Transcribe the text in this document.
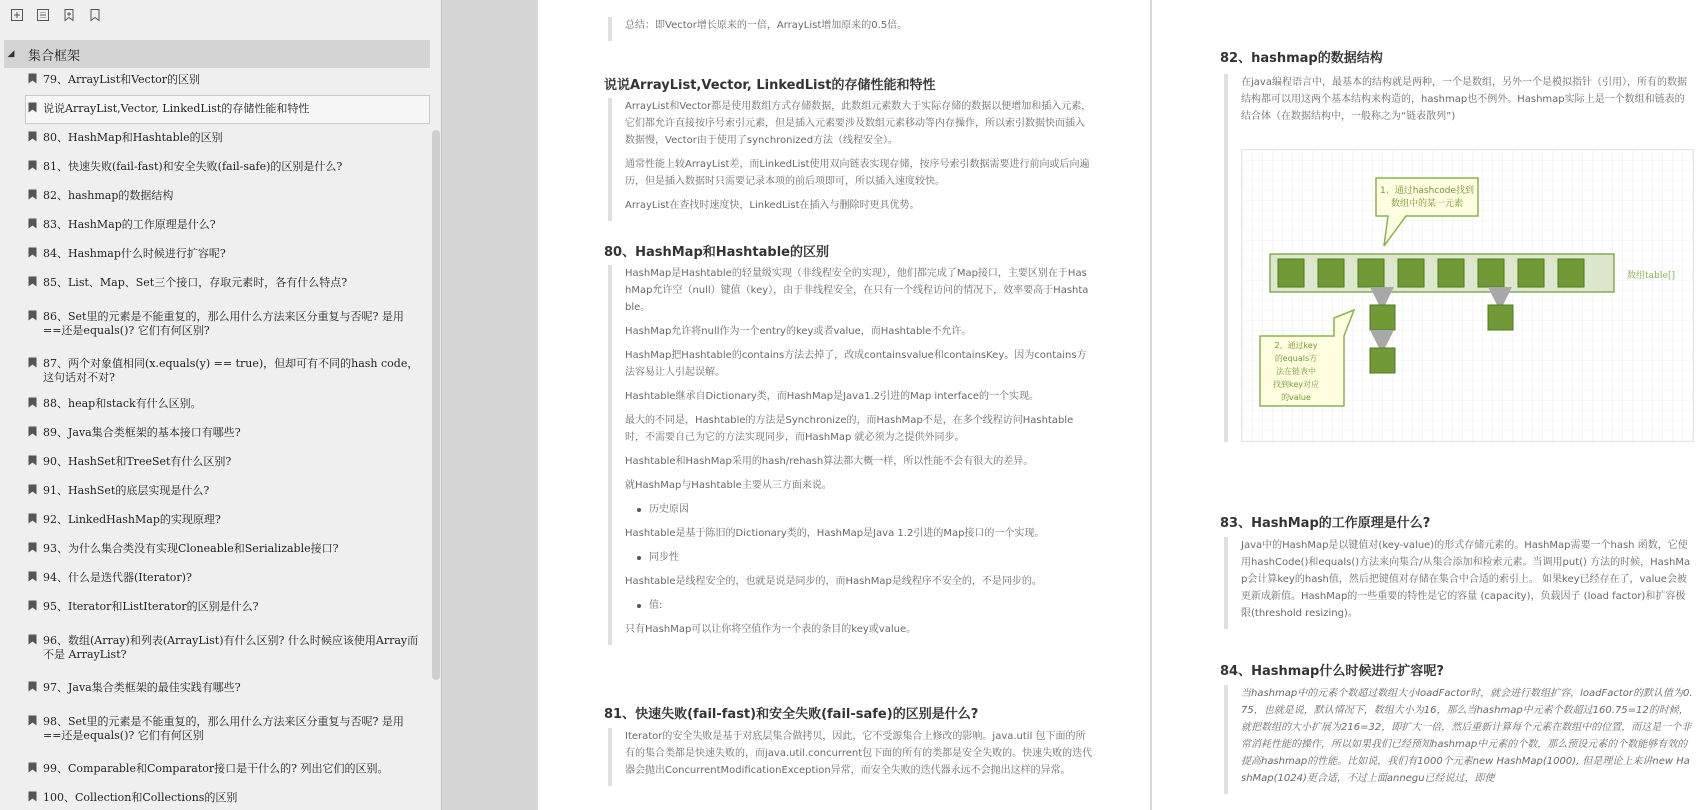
◢ 集合框架
79、ArrayList和Vector的区别
说说ArrayList,Vector, LinkedList的存储性能和特性
80、HashMap和Hashtable的区别
81、快速失败(fail-fast)和安全失败(fail-safe)的区别是什么?
82、hashmap的数据结构
83、HashMap的工作原理是什么?
84、Hashmap什么时候进行扩容呢?
85、List、Map、Set三个接口，存取元素时，各有什么特点?
86、Set里的元素是不能重复的，那么用什么方法来区分重复与否呢? 是用==还是equals()? 它们有何区别?
87、两个对象值相同(x.equals(y) == true)，但却可有不同的hash code，这句话对不对?
88、heap和stack有什么区别。
89、Java集合类框架的基本接口有哪些?
90、HashSet和TreeSet有什么区别?
91、HashSet的底层实现是什么?
92、LinkedHashMap的实现原理?
93、为什么集合类没有实现Cloneable和Serializable接口?
94、什么是迭代器(Iterator)?
95、Iterator和ListIterator的区别是什么?
96、数组(Array)和列表(ArrayList)有什么区别? 什么时候应该使用Array而不是 ArrayList?
97、Java集合类框架的最佳实践有哪些?
98、Set里的元素是不能重复的，那么用什么方法来区分重复与否呢? 是用==还是equals()? 它们有何区别
99、Comparable和Comparator接口是干什么的? 列出它们的区别。
100、Collection和Collections的区别

总结：即Vector增长原来的一倍，ArrayList增加原来的0.5倍。

说说ArrayList,Vector, LinkedList的存储性能和特性

ArrayList和Vector都是使用数组方式存储数据，此数组元素数大于实际存储的数据以便增加和插入元素，它们都允许直接按序号索引元素，但是插入元素要涉及数组元素移动等内存操作，所以索引数据快而插入数据慢，Vector由于使用了synchronized方法（线程安全）。

通常性能上较ArrayList差，而LinkedList使用双向链表实现存储，按序号索引数据需要进行前向或后向遍历，但是插入数据时只需要记录本项的前后项即可，所以插入速度较快。

ArrayList在查找时速度快，LinkedList在插入与删除时更具优势。

80、HashMap和Hashtable的区别

HashMap是Hashtable的轻量级实现（非线程安全的实现），他们都完成了Map接口，主要区别在于HashMap允许空（null）键值（key），由于非线程安全，在只有一个线程访问的情况下，效率要高于Hashtable。

HashMap允许将null作为一个entry的key或者value，而Hashtable不允许。

HashMap把Hashtable的contains方法去掉了，改成containsvalue和containsKey。因为contains方法容易让人引起误解。

Hashtable继承自Dictionary类，而HashMap是Java1.2引进的Map interface的一个实现。

最大的不同是，Hashtable的方法是Synchronize的，而HashMap不是，在多个线程访问Hashtable时，不需要自己为它的方法实现同步，而HashMap 就必须为之提供外同步。

Hashtable和HashMap采用的hash/rehash算法都大概一样，所以性能不会有很大的差异。

就HashMap与Hashtable主要从三方面来说。

历史原因

Hashtable是基于陈旧的Dictionary类的，HashMap是Java 1.2引进的Map接口的一个实现。

同步性

Hashtable是线程安全的，也就是说是同步的，而HashMap是线程序不安全的，不是同步的。

值:

只有HashMap可以让你将空值作为一个表的条目的key或value。

81、快速失败(fail-fast)和安全失败(fail-safe)的区别是什么?

Iterator的安全失败是基于对底层集合做拷贝，因此，它不受源集合上修改的影响。java.util 包下面的所有的集合类都是快速失败的，而java.util.concurrent包下面的所有的类都是安全失败的。快速失败的迭代器会抛出ConcurrentModificationException异常，而安全失败的迭代器永远不会抛出这样的异常。

82、hashmap的数据结构

在java编程语言中，最基本的结构就是两种，一个是数组，另外一个是模拟指针（引用），所有的数据结构都可以用这两个基本结构来构造的，hashmap也不例外。Hashmap实际上是一个数组和链表的结合体（在数据结构中，一般称之为“链表散列”)

数组table[]
1、通过hashcode找到
数组中的某一元素
2、通过key
的equals方
法在链表中
找到key对应
的value
83、HashMap的工作原理是什么?

Java中的HashMap是以键值对(key-value)的形式存储元素的。HashMap需要一个hash 函数，它使用hashCode()和equals()方法来向集合/从集合添加和检索元素。当调用put() 方法的时候，HashMap会计算key的hash值，然后把键值对存储在集合中合适的索引上。 如果key已经存在了，value会被更新成新值。HashMap的一些重要的特性是它的容量 (capacity)，负载因子 (load factor)和扩容极限(threshold resizing)。

84、Hashmap什么时候进行扩容呢?

当hashmap中的元素个数超过数组大小loadFactor时，就会进行数组扩容，loadFactor的默认值为0.75，也就是说，默认情况下，数组大小为16，那么当hashmap中元素个数超过160.75=12的时候，就把数组的大小扩展为216=32，即扩大一倍，然后重新计算每个元素在数组中的位置，而这是一个非常消耗性能的操作，所以如果我们已经预知hashmap中元素的个数，那么预设元素的个数能够有效的提高hashmap的性能。比如说，我们有1000个元素new HashMap(1000), 但是理论上来讲new HashMap(1024)更合适，不过上面annegu已经说过，即使
